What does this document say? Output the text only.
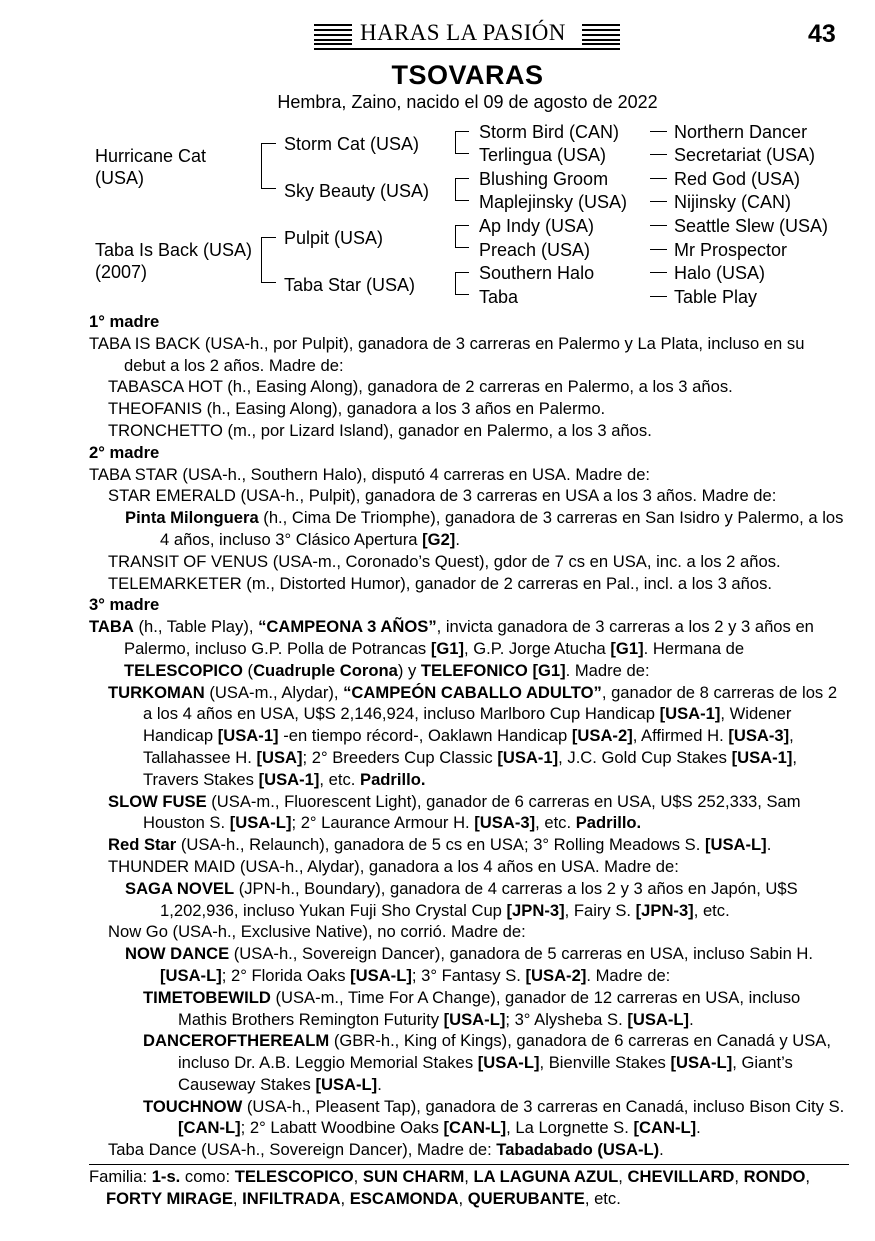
HARAS LA PASIÓN	43
TSOVARAS
Hembra, Zaino, nacido el 09 de agosto de 2022
Hurricane Cat
(USA)
Taba Is Back (USA)
(2007)
Storm Cat (USA)
Sky Beauty (USA)
Pulpit (USA)
Taba Star (USA)
Storm Bird (CAN)
Terlingua (USA)
Blushing Groom
Maplejinsky (USA)
Ap Indy (USA)
Preach (USA)
Southern Halo
Taba
Northern Dancer
Secretariat (USA)
Red God (USA)
Nijinsky (CAN)
Seattle Slew (USA)
Mr Prospector
Halo (USA)
Table Play
1° madre
TABA IS BACK (USA-h., por Pulpit), ganadora de 3 carreras en Palermo y La Plata, incluso en su debut a los 2 años. Madre de:
TABASCA HOT (h., Easing Along), ganadora de 2 carreras en Palermo, a los 3 años.
THEOFANIS (h., Easing Along), ganadora a los 3 años en Palermo.
TRONCHETTO (m., por Lizard Island), ganador en Palermo, a los 3 años.
2° madre
TABA STAR (USA-h., Southern Halo), disputó 4 carreras en USA. Madre de:
STAR EMERALD (USA-h., Pulpit), ganadora de 3 carreras en USA a los 3 años. Madre de:
Pinta Milonguera (h., Cima De Triomphe), ganadora de 3 carreras en San Isidro y Palermo, a los 4 años, incluso 3° Clásico Apertura [G2].
TRANSIT OF VENUS (USA-m., Coronado’s Quest), gdor de 7 cs en USA, inc. a los 2 años.
TELEMARKETER (m., Distorted Humor), ganador de 2 carreras en Pal., incl. a los 3 años.
3° madre
TABA (h., Table Play), “CAMPEONA 3 AÑOS”, invicta ganadora de 3 carreras a los 2 y 3 años en Palermo, incluso G.P. Polla de Potrancas [G1], G.P. Jorge Atucha [G1]. Hermana de TELESCOPICO (Cuadruple Corona) y TELEFONICO [G1]. Madre de:
TURKOMAN (USA-m., Alydar), “CAMPEÓN CABALLO ADULTO”, ganador de 8 carreras de los 2 a los 4 años en USA, U$S 2,146,924, incluso Marlboro Cup Handicap [USA-1], Widener Handicap [USA-1] -en tiempo récord-, Oaklawn Handicap [USA-2], Affirmed H. [USA-3], Tallahassee H. [USA]; 2° Breeders Cup Classic [USA-1], J.C. Gold Cup Stakes [USA-1], Travers Stakes [USA-1], etc. Padrillo.
SLOW FUSE (USA-m., Fluorescent Light), ganador de 6 carreras en USA, U$S 252,333, Sam Houston S. [USA-L]; 2° Laurance Armour H. [USA-3], etc. Padrillo.
Red Star (USA-h., Relaunch), ganadora de 5 cs en USA; 3° Rolling Meadows S. [USA-L].
THUNDER MAID (USA-h., Alydar), ganadora a los 4 años en USA. Madre de:
SAGA NOVEL (JPN-h., Boundary), ganadora de 4 carreras a los 2 y 3 años en Japón, U$S 1,202,936, incluso Yukan Fuji Sho Crystal Cup [JPN-3], Fairy S. [JPN-3], etc.
Now Go (USA-h., Exclusive Native), no corrió. Madre de:
NOW DANCE (USA-h., Sovereign Dancer), ganadora de 5 carreras en USA, incluso Sabin H. [USA-L]; 2° Florida Oaks [USA-L]; 3° Fantasy S. [USA-2]. Madre de:
TIMETOBEWILD (USA-m., Time For A Change), ganador de 12 carreras en USA, incluso Mathis Brothers Remington Futurity [USA-L]; 3° Alysheba S. [USA-L].
DANCEROFTHEREALM (GBR-h., King of Kings), ganadora de 6 carreras en Canadá y USA, incluso Dr. A.B. Leggio Memorial Stakes [USA-L], Bienville Stakes [USA-L], Giant’s Causeway Stakes [USA-L].
TOUCHNOW (USA-h., Pleasent Tap), ganadora de 3 carreras en Canadá, incluso Bison City S. [CAN-L]; 2° Labatt Woodbine Oaks [CAN-L], La Lorgnette S. [CAN-L].
Taba Dance (USA-h., Sovereign Dancer), Madre de: Tabadabado (USA-L).
Familia: 1-s. como: TELESCOPICO, SUN CHARM, LA LAGUNA AZUL, CHEVILLARD, RONDO, FORTY MIRAGE, INFILTRADA, ESCAMONDA, QUERUBANTE, etc.
